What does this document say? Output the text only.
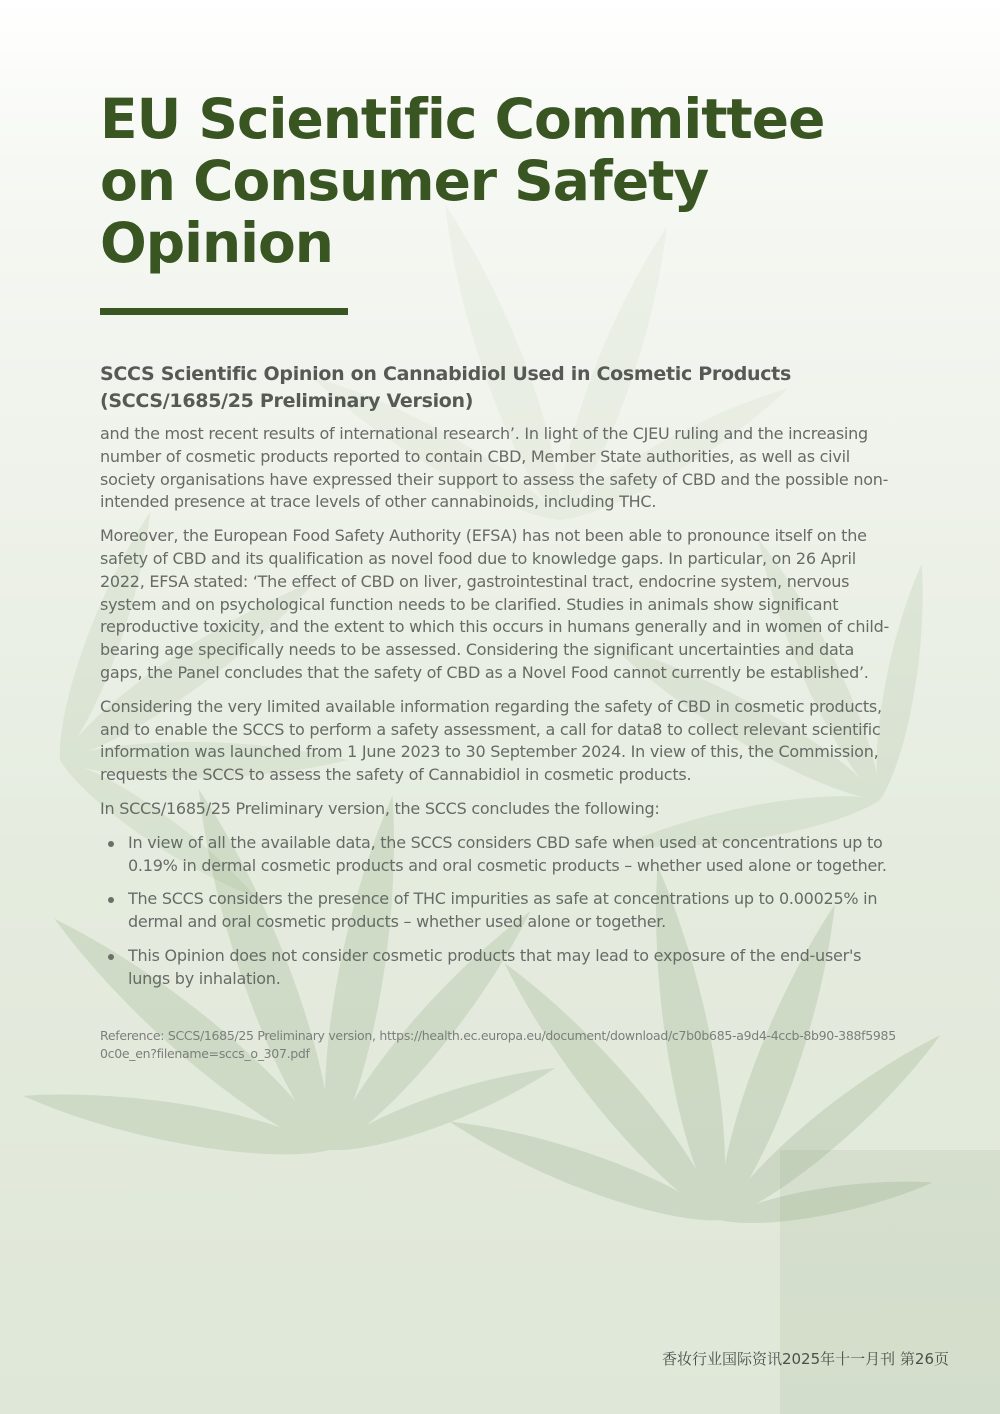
EU Scientific Committee on Consumer Safety Opinion
SCCS Scientific Opinion on Cannabidiol Used in Cosmetic Products (SCCS/1685/25 Preliminary Version)

and the most recent results of international research’. In light of the CJEU ruling and the increasing number of cosmetic products reported to contain CBD, Member State authorities, as well as civil society organisations have expressed their support to assess the safety of CBD and the possible non-intended presence at trace levels of other cannabinoids, including THC.

Moreover, the European Food Safety Authority (EFSA) has not been able to pronounce itself on the safety of CBD and its qualification as novel food due to knowledge gaps. In particular, on 26 April 2022, EFSA stated: ‘The effect of CBD on liver, gastrointestinal tract, endocrine system, nervous system and on psychological function needs to be clarified. Studies in animals show significant reproductive toxicity, and the extent to which this occurs in humans generally and in women of child‐bearing age specifically needs to be assessed. Considering the significant uncertainties and data gaps, the Panel concludes that the safety of CBD as a Novel Food cannot currently be established’.

Considering the very limited available information regarding the safety of CBD in cosmetic products, and to enable the SCCS to perform a safety assessment, a call for data8 to collect relevant scientific information was launched from 1 June 2023 to 30 September 2024. In view of this, the Commission, requests the SCCS to assess the safety of Cannabidiol in cosmetic products.

In SCCS/1685/25 Preliminary version, the SCCS concludes the following:

In view of all the available data, the SCCS considers CBD safe when used at concentrations up to 0.19% in dermal cosmetic products and oral cosmetic products – whether used alone or together.
The SCCS considers the presence of THC impurities as safe at concentrations up to 0.00025% in dermal and oral cosmetic products – whether used alone or together.
This Opinion does not consider cosmetic products that may lead to exposure of the end-user's lungs by inhalation.

Reference: SCCS/1685/25 Preliminary version, https://health.ec.europa.eu/document/download/c7b0b685-a9d4-4ccb-8b90-388f59850c0e_en?filename=sccs_o_307.pdf

香妆行业国际资讯2025年十一月刊 第26页
